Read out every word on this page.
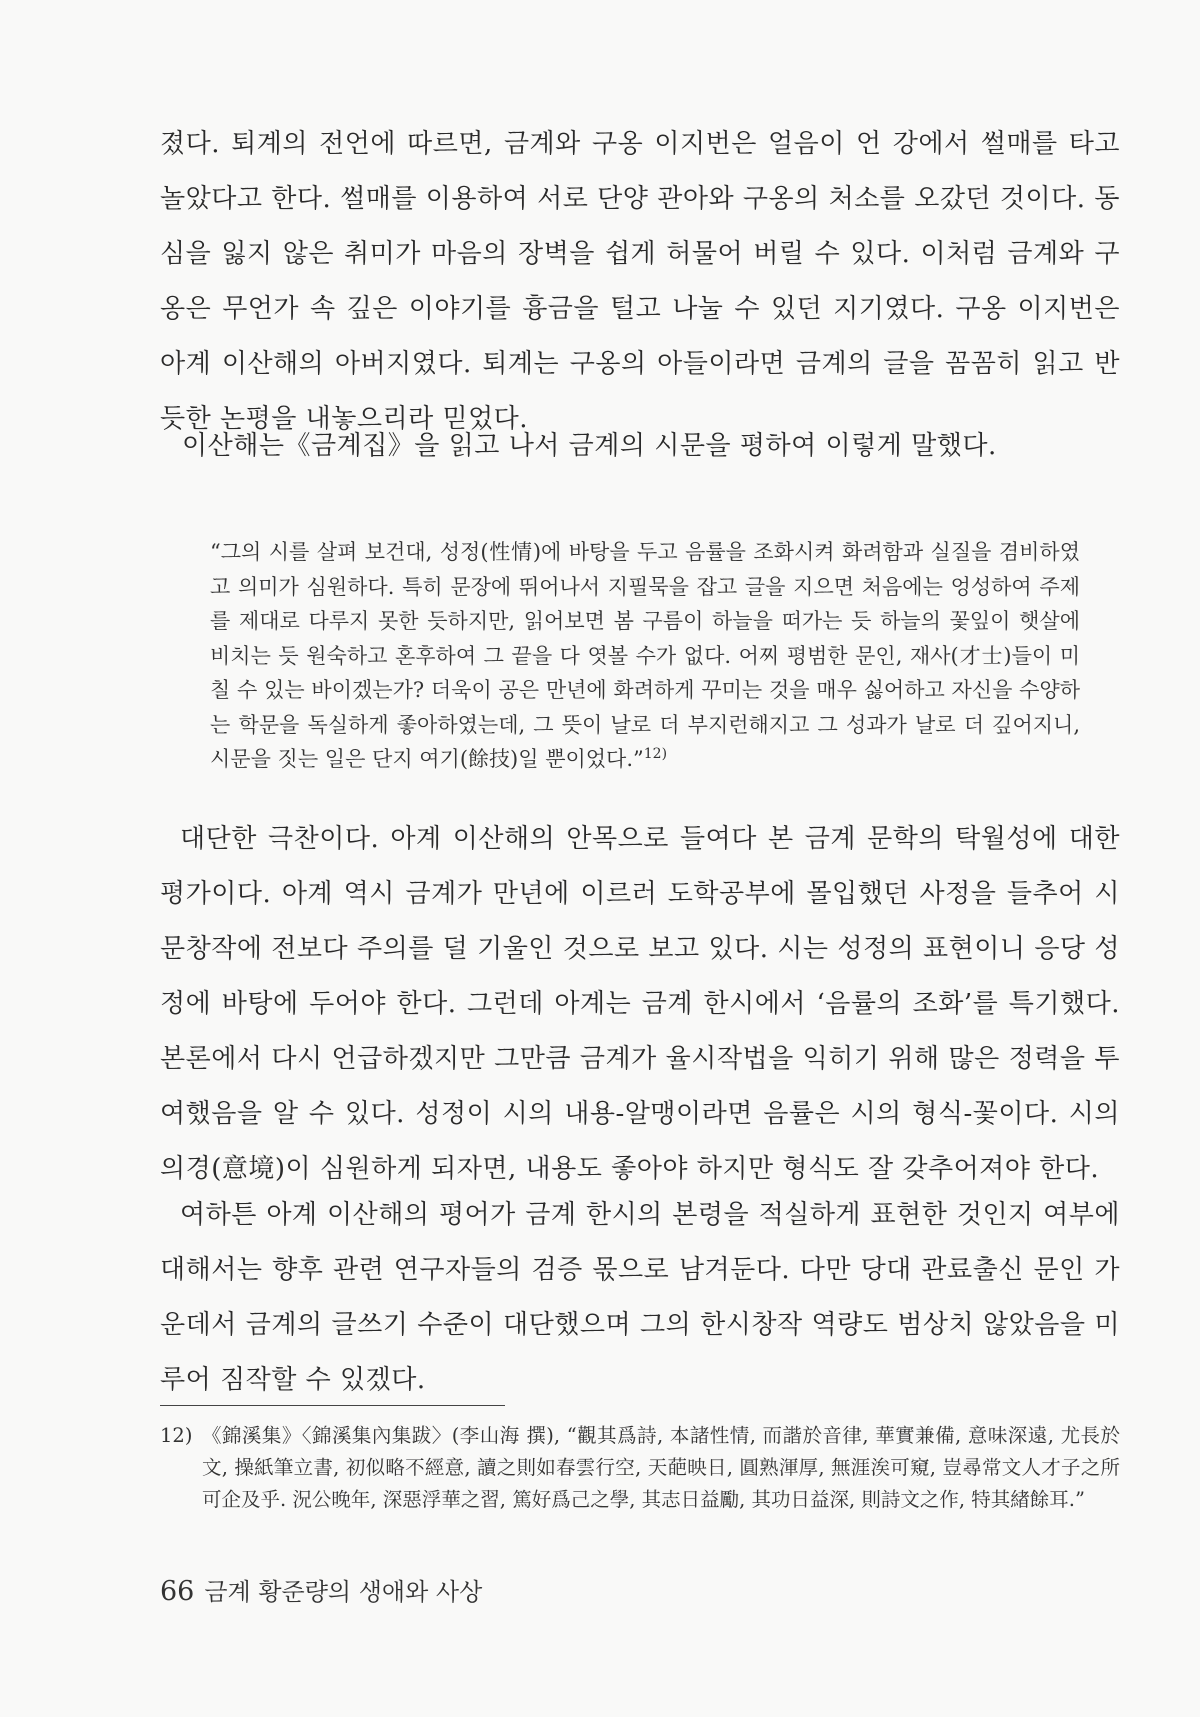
졌다. 퇴계의 전언에 따르면, 금계와 구옹 이지번은 얼음이 언 강에서 썰매를 타고 놀았다고 한다. 썰매를 이용하여 서로 단양 관아와 구옹의 처소를 오갔던 것이다. 동심을 잃지 않은 취미가 마음의 장벽을 쉽게 허물어 버릴 수 있다. 이처럼 금계와 구옹은 무언가 속 깊은 이야기를 흉금을 털고 나눌 수 있던 지기였다. 구옹 이지번은 아계 이산해의 아버지였다. 퇴계는 구옹의 아들이라면 금계의 글을 꼼꼼히 읽고 반듯한 논평을 내놓으리라 믿었다.

이산해는《금계집》을 읽고 나서 금계의 시문을 평하여 이렇게 말했다.

“그의 시를 살펴 보건대, 성정(性情)에 바탕을 두고 음률을 조화시켜 화려함과 실질을 겸비하였고 의미가 심원하다. 특히 문장에 뛰어나서 지필묵을 잡고 글을 지으면 처음에는 엉성하여 주제를 제대로 다루지 못한 듯하지만, 읽어보면 봄 구름이 하늘을 떠가는 듯 하늘의 꽃잎이 햇살에 비치는 듯 원숙하고 혼후하여 그 끝을 다 엿볼 수가 없다. 어찌 평범한 문인, 재사(才士)들이 미칠 수 있는 바이겠는가? 더욱이 공은 만년에 화려하게 꾸미는 것을 매우 싫어하고 자신을 수양하는 학문을 독실하게 좋아하였는데, 그 뜻이 날로 더 부지런해지고 그 성과가 날로 더 깊어지니, 시문을 짓는 일은 단지 여기(餘技)일 뿐이었다.”$^{12)}$

대단한 극찬이다. 아계 이산해의 안목으로 들여다 본 금계 문학의 탁월성에 대한 평가이다. 아계 역시 금계가 만년에 이르러 도학공부에 몰입했던 사정을 들추어 시문창작에 전보다 주의를 덜 기울인 것으로 보고 있다. 시는 성정의 표현이니 응당 성정에 바탕에 두어야 한다. 그런데 아계는 금계 한시에서 ‘음률의 조화’를 특기했다. 본론에서 다시 언급하겠지만 그만큼 금계가 율시작법을 익히기 위해 많은 정력을 투여했음을 알 수 있다. 성정이 시의 내용-알맹이라면 음률은 시의 형식-꽃이다. 시의 의경(意境)이 심원하게 되자면, 내용도 좋아야 하지만 형식도 잘 갖추어져야 한다.

여하튼 아계 이산해의 평어가 금계 한시의 본령을 적실하게 표현한 것인지 여부에 대해서는 향후 관련 연구자들의 검증 몫으로 남겨둔다. 다만 당대 관료출신 문인 가운데서 금계의 글쓰기 수준이 대단했으며 그의 한시창작 역량도 범상치 않았음을 미루어 짐작할 수 있겠다.

12) 《錦溪集》〈錦溪集內集跋〉(李山海 撰), “觀其爲詩, 本諸性情, 而諧於音律, 華實兼備, 意味深遠, 尤長於文, 操紙筆立書, 初似略不經意, 讀之則如春雲行空, 天葩映日, 圓熟渾厚, 無涯涘可窺, 豈尋常文人才子之所可企及乎. 況公晚年, 深惡浮華之習, 篤好爲己之學, 其志日益勵, 其功日益深, 則詩文之作, 特其緖餘耳.”
66 금계 황준량의 생애와 사상
